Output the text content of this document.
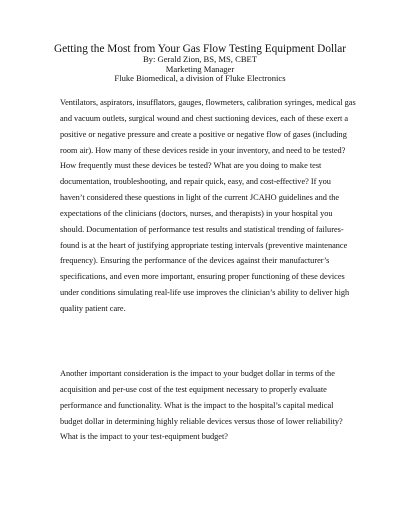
Getting the Most from Your Gas Flow Testing Equipment Dollar

By: Gerald Zion, BS, MS, CBET

Marketing Manager

Fluke Biomedical, a division of Fluke Electronics

Ventilators, aspirators, insufflators, gauges, flowmeters, calibration syringes, medical gas
and vacuum outlets, surgical wound and chest suctioning devices, each of these exert a
positive or negative pressure and create a positive or negative flow of gases (including
room air). How many of these devices reside in your inventory, and need to be tested?
How frequently must these devices be tested? What are you doing to make test
documentation, troubleshooting, and repair quick, easy, and cost-effective? If you
haven’t considered these questions in light of the current JCAHO guidelines and the
expectations of the clinicians (doctors, nurses, and therapists) in your hospital you
should. Documentation of performance test results and statistical trending of failures-
found is at the heart of justifying appropriate testing intervals (preventive maintenance
frequency). Ensuring the performance of the devices against their manufacturer’s
specifications, and even more important, ensuring proper functioning of these devices
under conditions simulating real-life use improves the clinician’s ability to deliver high
quality patient care.
Another important consideration is the impact to your budget dollar in terms of the
acquisition and per-use cost of the test equipment necessary to properly evaluate
performance and functionality. What is the impact to the hospital’s capital medical
budget dollar in determining highly reliable devices versus those of lower reliability?
What is the impact to your test-equipment budget?
